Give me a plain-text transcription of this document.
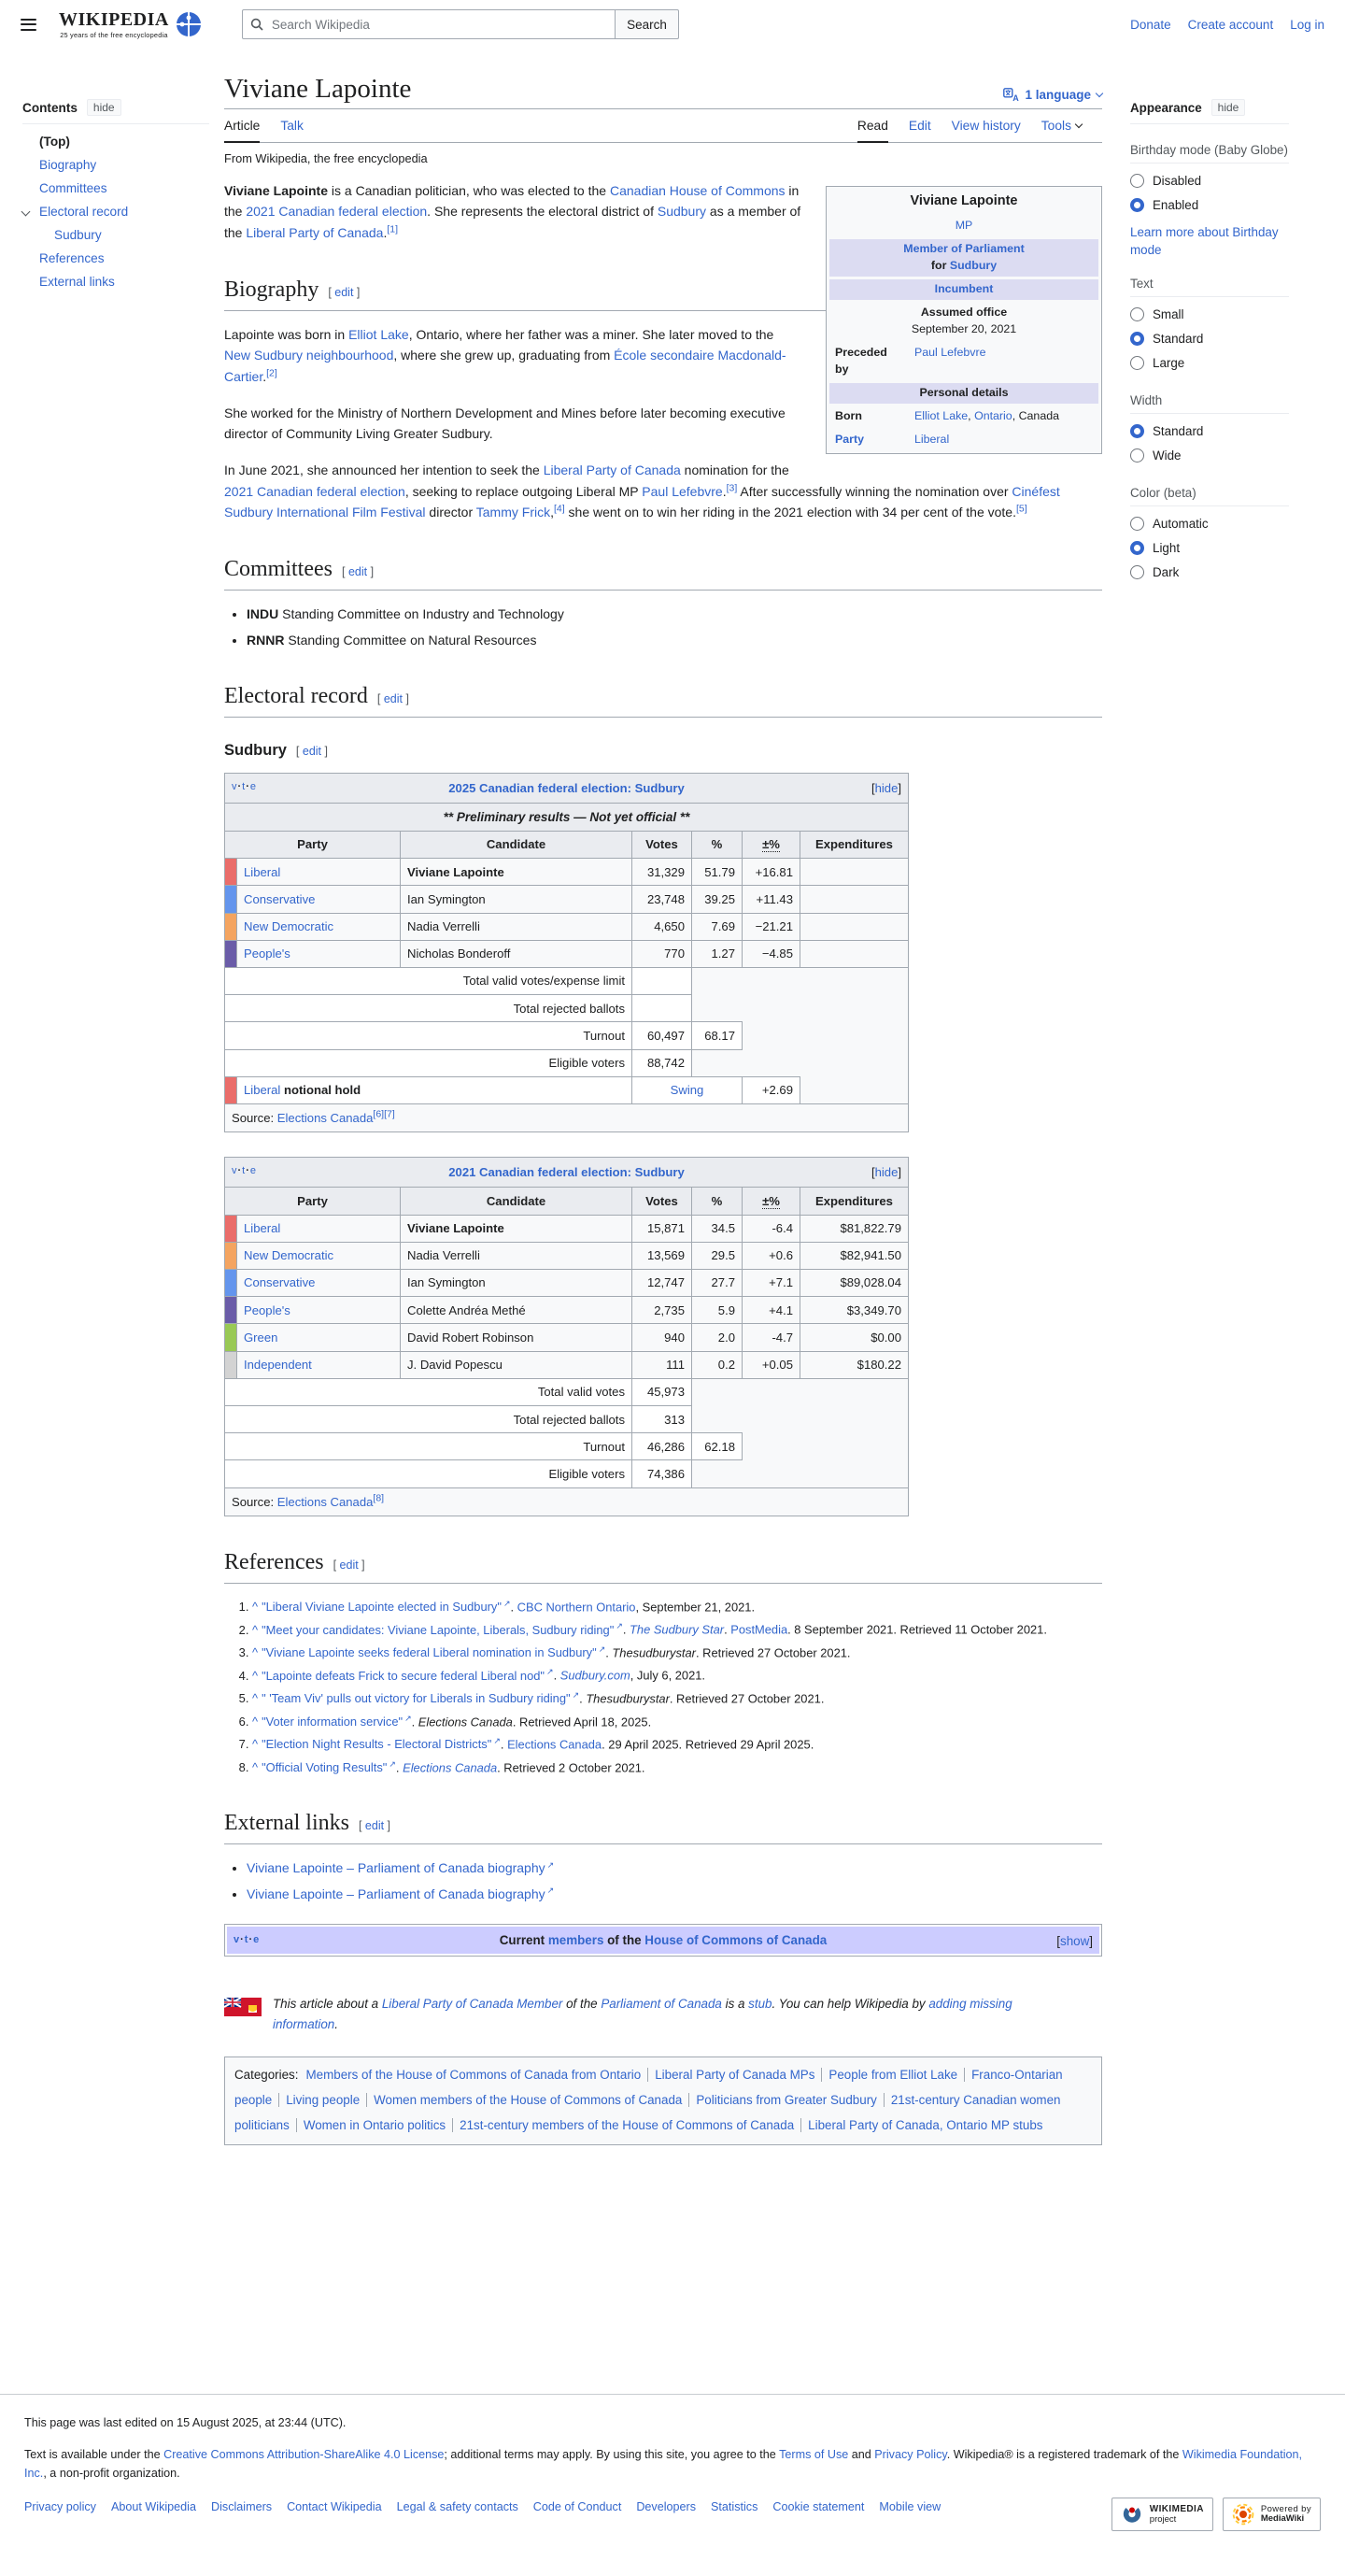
WIKIPEDIA
25 years of the free encyclopedia
Search Wikipedia
Search	Donate Create account Log in
Contents	hide
(Top)
Biography
Committees
Electoral record
Sudbury
References
External links
Viviane Lapointe	A 1 language
Article Talk	Read Edit View history Tools
From Wikipedia, the free encyclopedia
Viviane Lapointe	
MP	
Member of Parliament
for Sudbury	
Incumbent	
Assumed office
September 20, 2021	
Preceded by	Paul Lefebvre
Personal details	
Born	Elliot Lake, Ontario, Canada
Party	Liberal

Viviane Lapointe is a Canadian politician, who was elected to the Canadian House of Commons in the 2021 Canadian federal election. She represents the electoral district of Sudbury as a member of the Liberal Party of Canada.[1]

Biography [ edit ]

Lapointe was born in Elliot Lake, Ontario, where her father was a miner. She later moved to the New Sudbury neighbourhood, where she grew up, graduating from École secondaire Macdonald-Cartier.[2]

She worked for the Ministry of Northern Development and Mines before later becoming executive director of Community Living Greater Sudbury.

In June 2021, she announced her intention to seek the Liberal Party of Canada nomination for the 2021 Canadian federal election, seeking to replace outgoing Liberal MP Paul Lefebvre.[3] After successfully winning the nomination over Cinéfest Sudbury International Film Festival director Tammy Frick,[4] she went on to win her riding in the 2021 election with 34 per cent of the vote.[5]

Committees [ edit ]
• INDU Standing Committee on Industry and Technology
• RNNR Standing Committee on Natural Resources
Electoral record [ edit ]
Sudbury [ edit ]
v·t·e 2025 Canadian federal election: Sudbury [hide]						

** Preliminary results — Not yet official **						
Party		Candidate	Votes	%	±%	Expenditures
	Liberal	Viviane Lapointe	31,329	51.79	+16.81	
	Conservative	Ian Symington	23,748	39.25	+11.43	
	New Democratic	Nadia Verrelli	4,650	7.69	−21.21	
	People's	Nicholas Bonderoff	770	1.27	−4.85	
Total valid votes/expense limit						
Total rejected ballots						
Turnout			60,497	68.17		
Eligible voters			88,742			
	Liberal notional hold		Swing		+2.69	
Source: Elections Canada[6][7]
v·t·e 2021 Canadian federal election: Sudbury [hide]						

Party		Candidate	Votes	%	±%	Expenditures
	Liberal	Viviane Lapointe	15,871	34.5	-6.4	$81,822.79
	New Democratic	Nadia Verrelli	13,569	29.5	+0.6	$82,941.50
	Conservative	Ian Symington	12,747	27.7	+7.1	$89,028.04
	People's	Colette Andréa Methé	2,735	5.9	+4.1	$3,349.70
	Green	David Robert Robinson	940	2.0	-4.7	$0.00
	Independent	J. David Popescu	111	0.2	+0.05	$180.22
Total valid votes			45,973			
Total rejected ballots			313			
Turnout			46,286	62.18		
Eligible voters			74,386			
Source: Elections Canada[8]
References [ edit ]
1. ^ "Liberal Viviane Lapointe elected in Sudbury" ↗. CBC Northern Ontario, September 21, 2021.
2. ^ "Meet your candidates: Viviane Lapointe, Liberals, Sudbury riding" ↗. The Sudbury Star. PostMedia. 8 September 2021. Retrieved 11 October 2021.
3. ^ "Viviane Lapointe seeks federal Liberal nomination in Sudbury" ↗. Thesudburystar. Retrieved 27 October 2021.
4. ^ "Lapointe defeats Frick to secure federal Liberal nod" ↗. Sudbury.com, July 6, 2021.
5. ^ " 'Team Viv' pulls out victory for Liberals in Sudbury riding" ↗. Thesudburystar. Retrieved 27 October 2021.
6. ^ "Voter information service" ↗. Elections Canada. Retrieved April 18, 2025.
7. ^ "Election Night Results - Electoral Districts" ↗. Elections Canada. 29 April 2025. Retrieved 29 April 2025.
8. ^ "Official Voting Results" ↗. Elections Canada. Retrieved 2 October 2021.
External links [ edit ]
• Viviane Lapointe – Parliament of Canada biography ↗
• Viviane Lapointe – Parliament of Canada biography ↗
v·t·e	Current members of the House of Commons of Canada	[show]
This article about a Liberal Party of Canada Member of the Parliament of Canada is a stub. You can help Wikipedia by adding missing information.
Categories: Members of the House of Commons of Canada from Ontario Liberal Party of Canada MPs People from Elliot Lake Franco-Ontarian people Living people Women members of the House of Commons of Canada Politicians from Greater Sudbury 21st-century Canadian women politicians Women in Ontario politics 21st-century members of the House of Commons of Canada Liberal Party of Canada, Ontario MP stubs
Appearance	hide
Birthday mode (Baby Globe)
Disabled
Enabled
Learn more about Birthday mode
Text
Small
Standard
Large
Width
Standard
Wide
Color (beta)
Automatic
Light
Dark

This page was last edited on 15 August 2025, at 23:44 (UTC).

Text is available under the Creative Commons Attribution-ShareAlike 4.0 License; additional terms may apply. By using this site, you agree to the Terms of Use and Privacy Policy. Wikipedia® is a registered trademark of the Wikimedia Foundation, Inc., a non-profit organization.

Privacy policy About Wikipedia Disclaimers Contact Wikipedia Legal & safety contacts Code of Conduct Developers Statistics Cookie statement Mobile view	WIKIMEDIA
project
Powered by
MediaWiki
